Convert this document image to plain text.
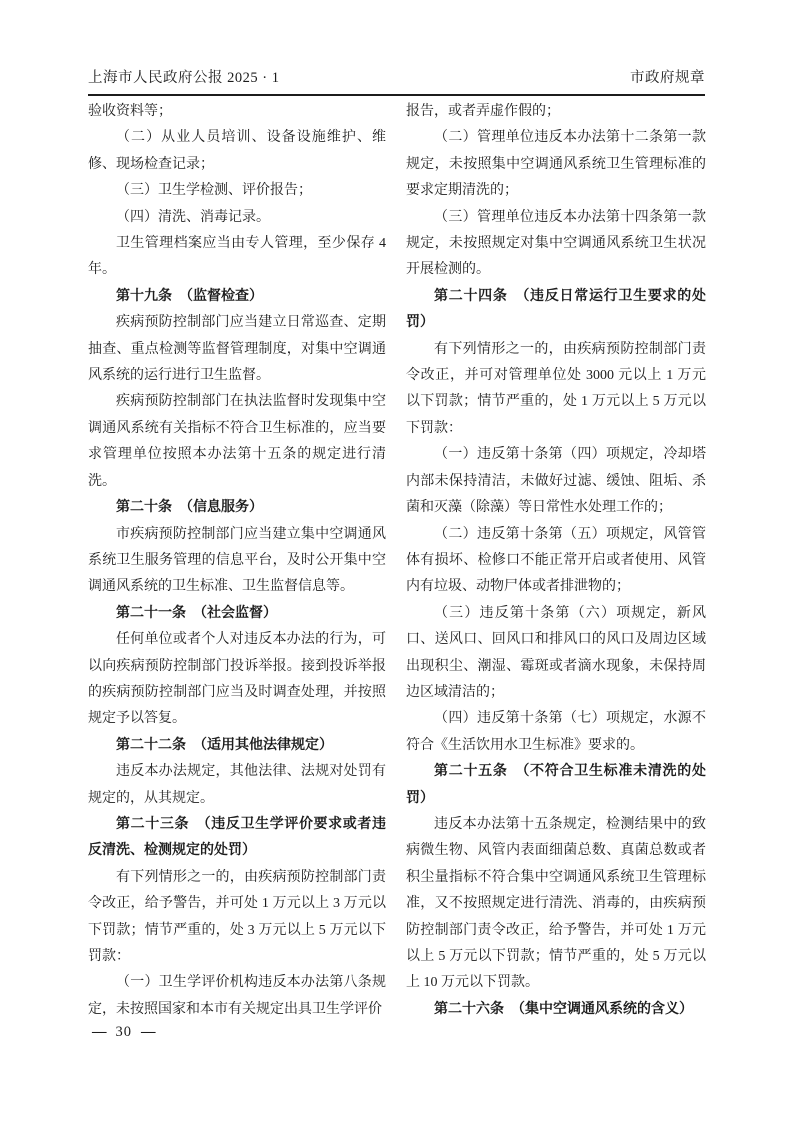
上海市人民政府公报 2025 · 1	市政府规章

验收资料等；

（二）从业人员培训、设备设施维护、维修、现场检查记录；

（三）卫生学检测、评价报告；

（四）清洗、消毒记录。

卫生管理档案应当由专人管理，至少保存 4 年。

第十九条　（监督检查）

疾病预防控制部门应当建立日常巡查、定期抽查、重点检测等监督管理制度，对集中空调通风系统的运行进行卫生监督。

疾病预防控制部门在执法监督时发现集中空调通风系统有关指标不符合卫生标准的，应当要求管理单位按照本办法第十五条的规定进行清洗。

第二十条　（信息服务）

市疾病预防控制部门应当建立集中空调通风系统卫生服务管理的信息平台，及时公开集中空调通风系统的卫生标准、卫生监督信息等。

第二十一条　（社会监督）

任何单位或者个人对违反本办法的行为，可以向疾病预防控制部门投诉举报。接到投诉举报的疾病预防控制部门应当及时调查处理，并按照规定予以答复。

第二十二条　（适用其他法律规定）

违反本办法规定，其他法律、法规对处罚有规定的，从其规定。

第二十三条　（违反卫生学评价要求或者违反清洗、检测规定的处罚）

有下列情形之一的，由疾病预防控制部门责令改正，给予警告，并可处 1 万元以上 3 万元以下罚款；情节严重的，处 3 万元以上 5 万元以下罚款：

（一）卫生学评价机构违反本办法第八条规定，未按照国家和本市有关规定出具卫生学评价

报告，或者弄虚作假的；

（二）管理单位违反本办法第十二条第一款规定，未按照集中空调通风系统卫生管理标准的要求定期清洗的；

（三）管理单位违反本办法第十四条第一款规定，未按照规定对集中空调通风系统卫生状况开展检测的。

第二十四条　（违反日常运行卫生要求的处罚）

有下列情形之一的，由疾病预防控制部门责令改正，并可对管理单位处 3000 元以上 1 万元以下罚款；情节严重的，处 1 万元以上 5 万元以下罚款：

（一）违反第十条第（四）项规定，冷却塔内部未保持清洁，未做好过滤、缓蚀、阻垢、杀菌和灭藻（除藻）等日常性水处理工作的；

（二）违反第十条第（五）项规定，风管管体有损坏、检修口不能正常开启或者使用、风管内有垃圾、动物尸体或者排泄物的；

（三）违反第十条第（六）项规定，新风口、送风口、回风口和排风口的风口及周边区域出现积尘、潮湿、霉斑或者滴水现象，未保持周边区域清洁的；

（四）违反第十条第（七）项规定，水源不符合《生活饮用水卫生标准》要求的。

第二十五条　（不符合卫生标准未清洗的处罚）

违反本办法第十五条规定，检测结果中的致病微生物、风管内表面细菌总数、真菌总数或者积尘量指标不符合集中空调通风系统卫生管理标准，又不按照规定进行清洗、消毒的，由疾病预防控制部门责令改正，给予警告，并可处 1 万元以上 5 万元以下罚款；情节严重的，处 5 万元以上 10 万元以下罚款。

第二十六条　（集中空调通风系统的含义）

— 30 —
